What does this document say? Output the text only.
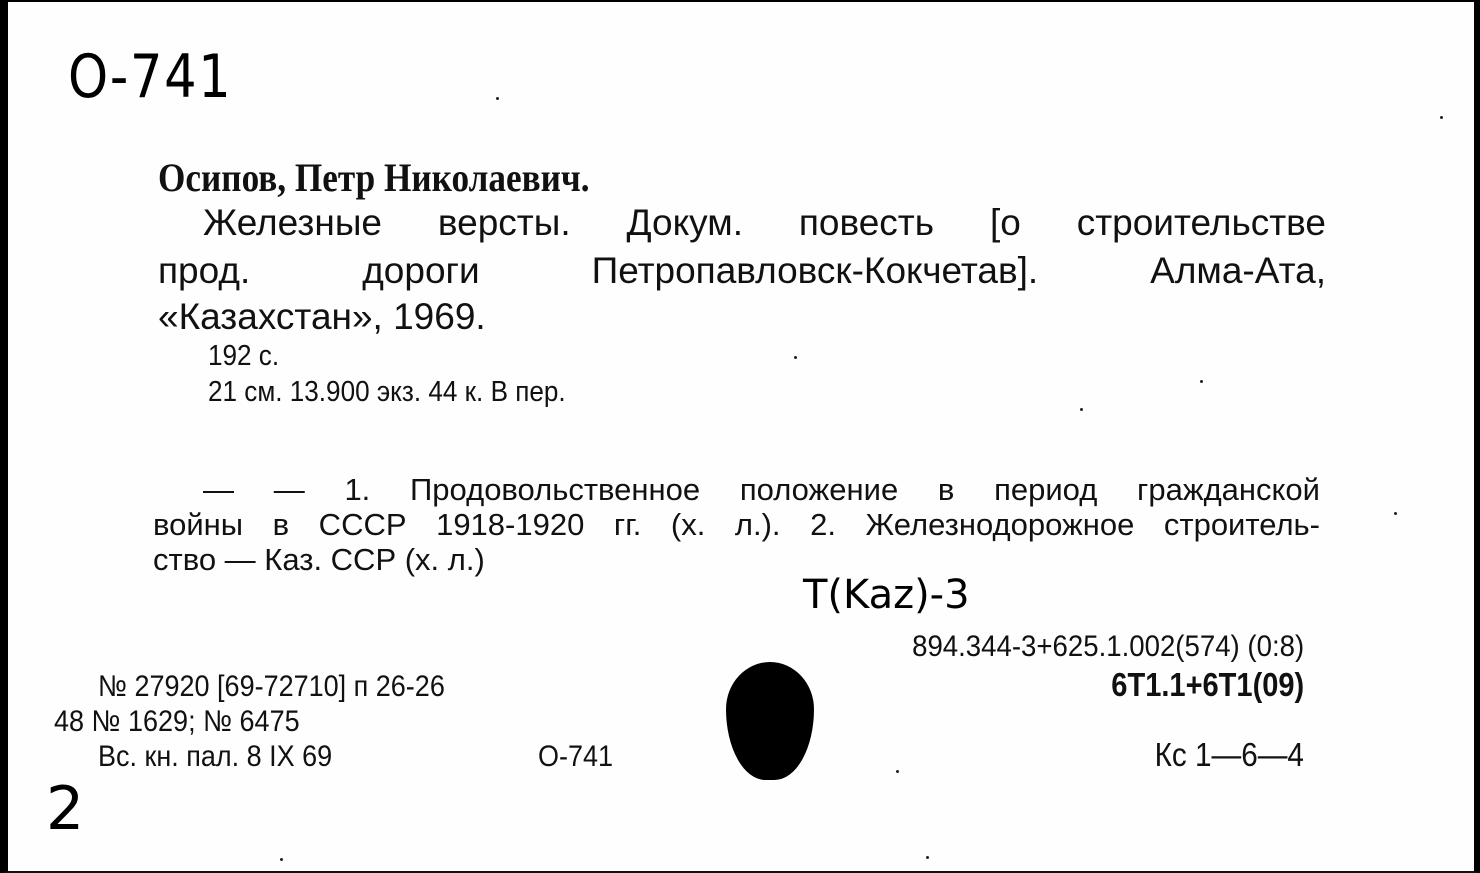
О-741
Осипов, Петр Николаевич.
Железные версты. Докум. повесть [о строительстве
прод. дороги Петропавловск-Кокчетав]. Алма-Ата,
«Казахстан», 1969.
192 с.
21 см. 13.900 экз. 44 к. В пер.
— — 1. Продовольственное положение в период гражданской
войны в СССР 1918-1920 гг. (х. л.). 2. Железнодорожное строитель-
ство — Каз. ССР (х. л.)
Т(Kaz)-3
894.344-3+625.1.002(574) (0:8)
6Т1.1+6Т1(09)
Кс 1—6—4
№ 27920 [69-72710] п 26-26
48 № 1629; № 6475
Вс. кн. пал. 8 IX 69	О-741
2
